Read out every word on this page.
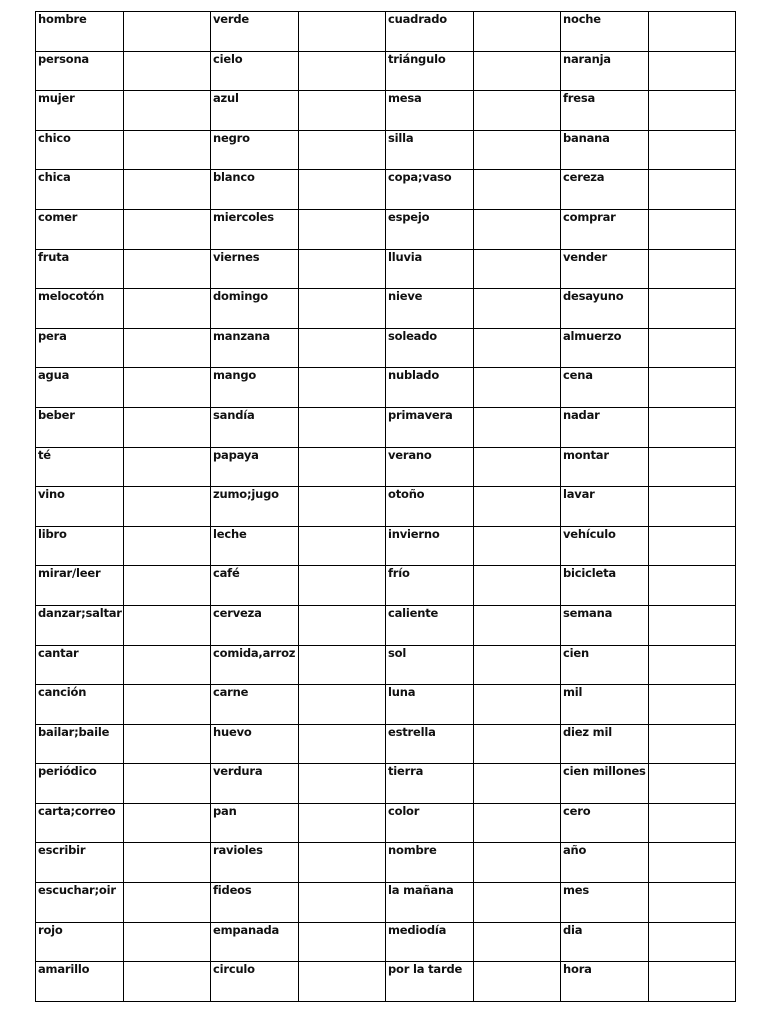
hombre		verde		cuadrado		noche	
persona		cielo		triángulo		naranja	
mujer		azul		mesa		fresa	
chico		negro		silla		banana	
chica		blanco		copa;vaso		cereza	
comer		miercoles		espejo		comprar	
fruta		viernes		lluvia		vender	
melocotón		domingo		nieve		desayuno	
pera		manzana		soleado		almuerzo	
agua		mango		nublado		cena	
beber		sandía		primavera		nadar	
té		papaya		verano		montar	
vino		zumo;jugo		otoño		lavar	
libro		leche		invierno		vehículo	
mirar/leer		café		frío		bicicleta	
danzar;saltar		cerveza		caliente		semana	
cantar		comida,arroz		sol		cien	
canción		carne		luna		mil	
bailar;baile		huevo		estrella		diez mil	
periódico		verdura		tierra		cien millones	
carta;correo		pan		color		cero	
escribir		ravioles		nombre		año	
escuchar;oir		fideos		la mañana		mes	
rojo		empanada		mediodía		dia	
amarillo		circulo		por la tarde		hora	
